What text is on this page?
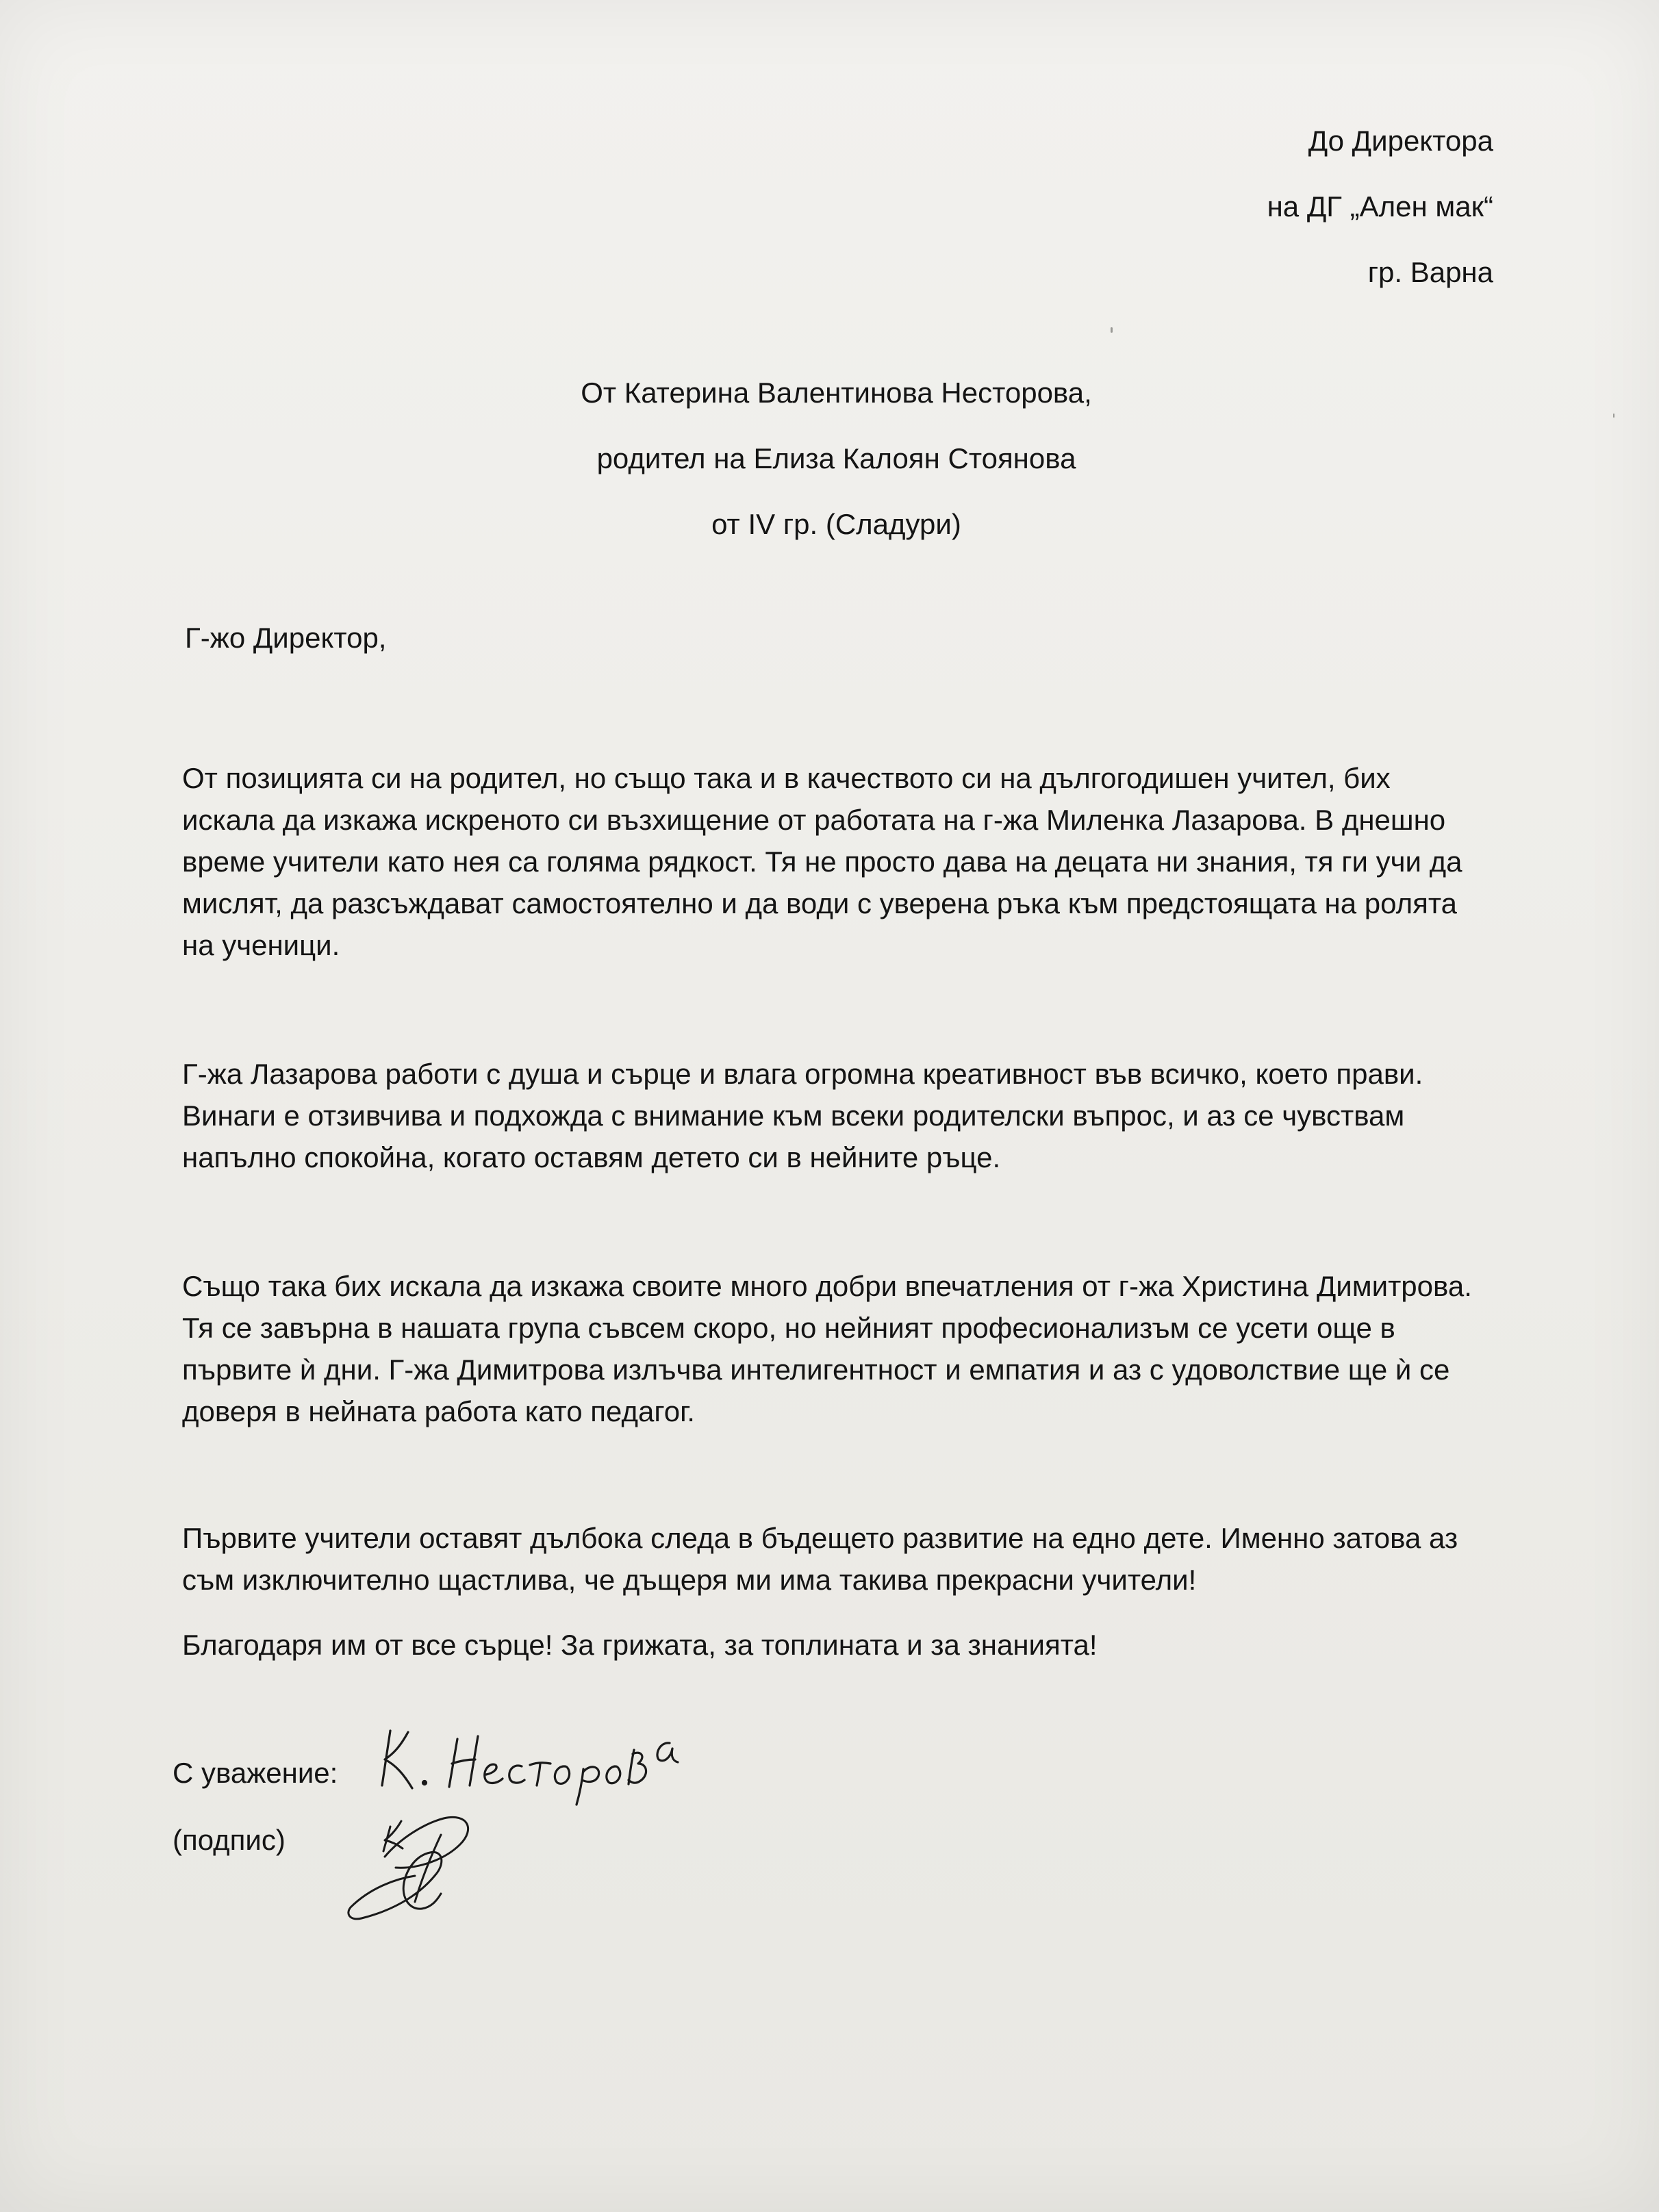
До Директора
на ДГ „Ален мак“
гр. Варна
От Катерина Валентинова Несторова,
родител на Елиза Калоян Стоянова
от IV гр. (Сладури)
Г-жо Директор,
От позицията си на родител, но също така и в качеството си на дългогодишен учител, бих искала да изкажа искреното си възхищение от работата на г-жа Миленка Лазарова. В днешно време учители като нея са голяма рядкост. Тя не просто дава на децата ни знания, тя ги учи да мислят, да разсъждават самостоятелно и да води с уверена ръка към предстоящата на ролята на ученици.
Г-жа Лазарова работи с душа и сърце и влага огромна креативност във всичко, което прави. Винаги е отзивчива и подхожда с внимание към всеки родителски въпрос, и аз се чувствам напълно спокойна, когато оставям детето си в нейните ръце.
Също така бих искала да изкажа своите много добри впечатления от г-жа Христина Димитрова. Тя се завърна в нашата група съвсем скоро, но нейният професионализъм се усети още в първите ѝ дни. Г-жа Димитрова излъчва интелигентност и емпатия и аз с удоволствие ще ѝ се доверя в нейната работа като педагог.
Първите учители оставят дълбока следа в бъдещето развитие на едно дете. Именно затова аз съм изключително щастлива, че дъщеря ми има такива прекрасни учители!
Благодаря им от все сърце! За грижата, за топлината и за знанията!
С уважение:
(подпис)
